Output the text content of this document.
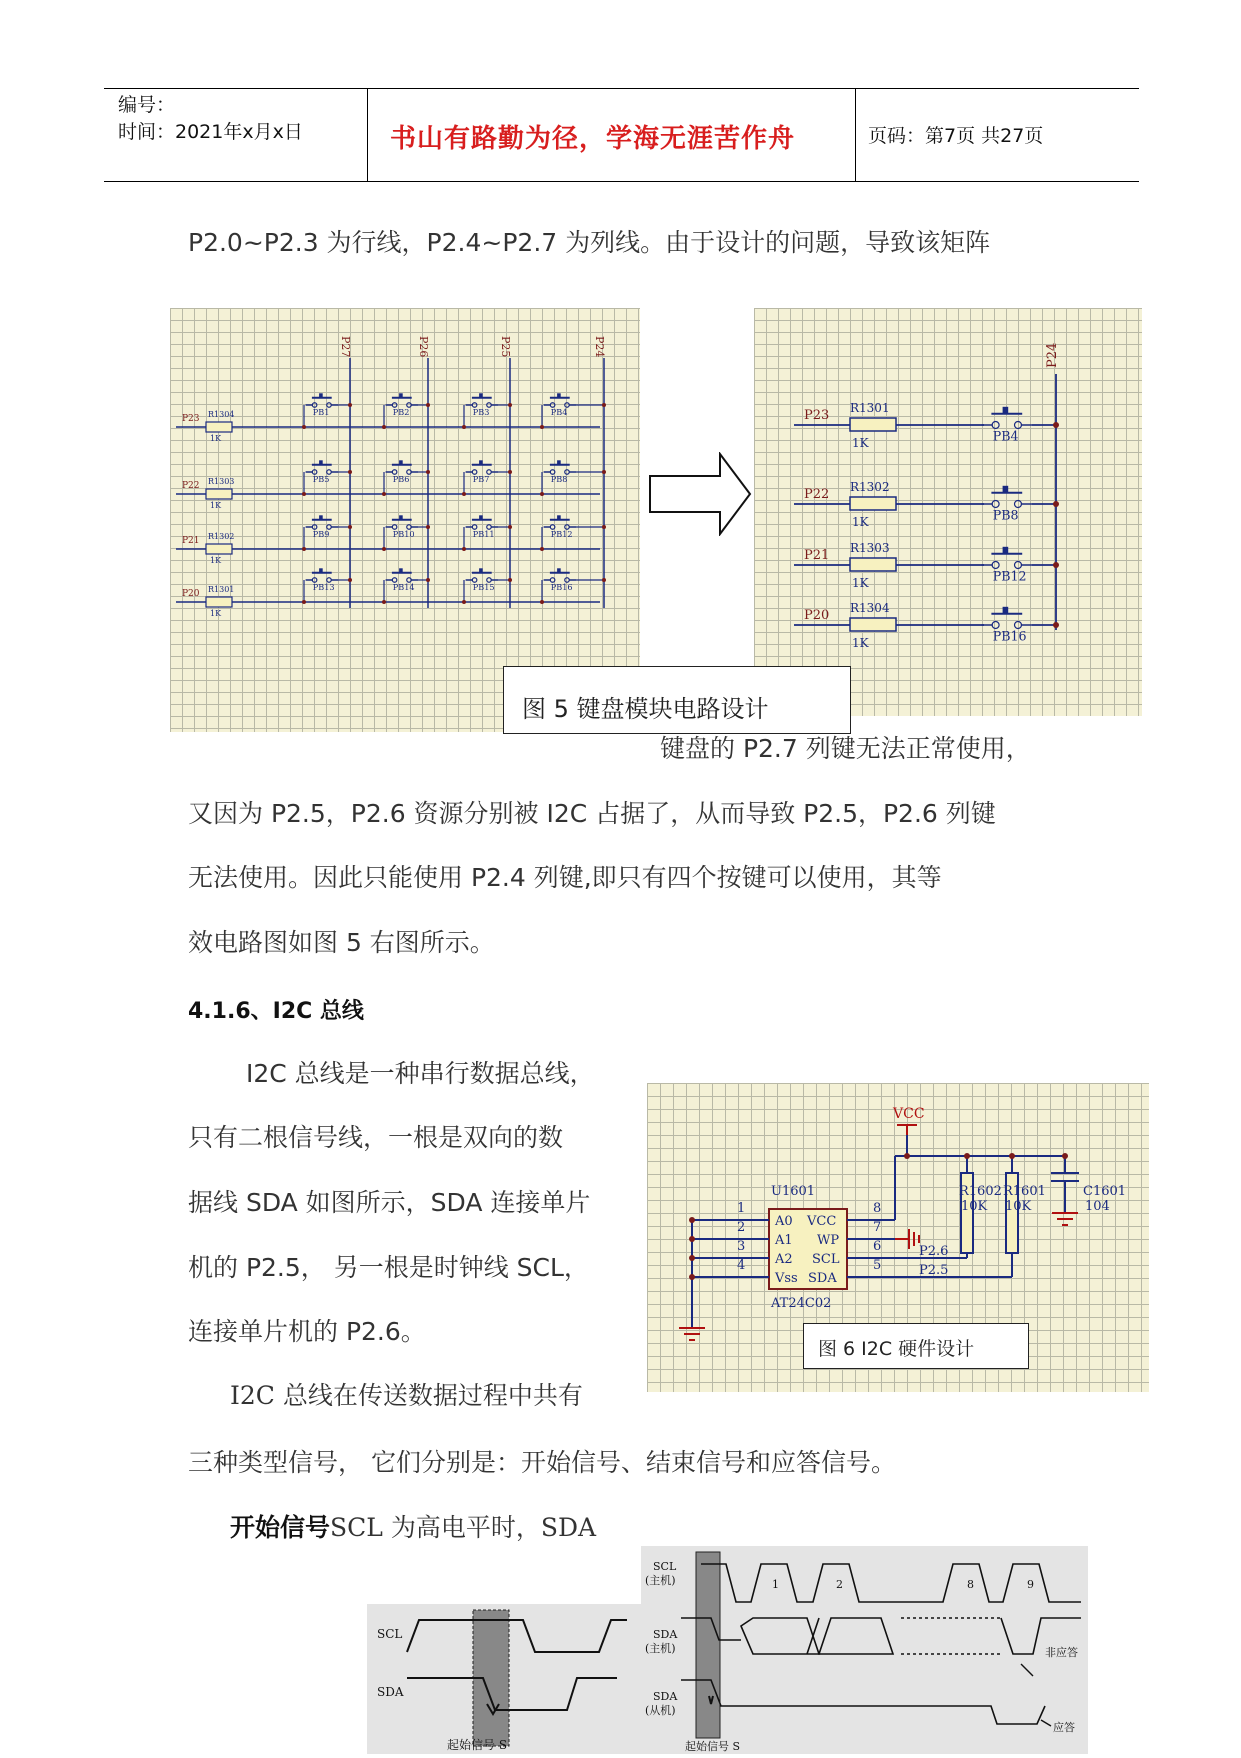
编号：
时间：2021年x月x日	书山有路勤为径，学海无涯苦作舟	页码：第7页 共27页
P2.0~P2.3 为行线，P2.4~P2.7 为列线。由于设计的问题，导致该矩阵
P27	P26	P25	P24
P23 R1304
1K
PB1	PB2	PB3	PB4
P22 R1303
1K
PB5	PB6	PB7	PB8
P21 R1302
1K
PB9	PB10	PB11	PB12
P20 R1301
1K
PB13	PB14	PB15	PB16
P24
P23 R1301
1K	PB4
P22 R1302
1K	PB8
P21 R1303
1K	PB12
P20 R1304
1K	PB16
图 5 键盘模块电路设计
键盘的 P2.7 列键无法正常使用，
又因为 P2.5，P2.6 资源分别被 I2C 占据了，从而导致 P2.5，P2.6 列键
无法使用。因此只能使用 P2.4 列键,即只有四个按键可以使用，其等
效电路图如图 5 右图所示。
4.1.6、I2C 总线
I2C 总线是一种串行数据总线，
只有二根信号线，一根是双向的数
据线 SDA 如图所示，SDA 连接单片
机的 P2.5， 另一根是时钟线 SCL，
连接单片机的 P2.6。
I2C 总线在传送数据过程中共有
三种类型信号， 它们分别是：开始信号、结束信号和应答信号。
开始信号SCL 为高电平时，SDA
U1601
AT24C02
A0
A1
A2
Vss
VCC
WP
SCL
SDA
1
2
3
4
8
7
6
5
VCC
P2.6
P2.5
R1602
10K
R1601
10K
C1601
104
图 6 I2C 硬件设计
SCL
SDA
起始信号 S
SCL
(主机)
SDA
(主机)
SDA
(从机)
1	2	8	9
非应答
应答
起始信号 S
